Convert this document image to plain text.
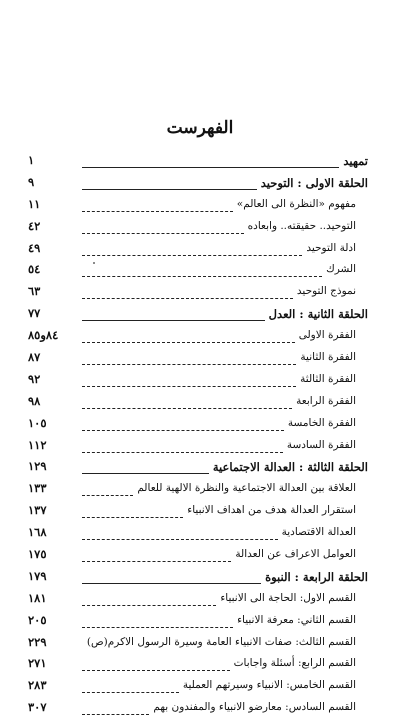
الفهرست
تمهيد
١
الحلقة الاولى : التوحيد
٩
مفهوم «النظرة الى العالم»
١١
التوحيد.. حقيقته.. وابعاده
٤٢
ادلة التوحيد
٤٩
الشرك
٥٤
نموذج التوحيد
٦٣
الحلقة الثانية : العدل
٧٧
الفقرة الاولى
٨٤و٨٥
الفقرة الثانية
٨٧
الفقرة الثالثة
٩٢
الفقرة الرابعة
٩٨
الفقرة الخامسة
١٠٥
الفقرة السادسة
١١٢
الحلقة الثالثة : العدالة الاجتماعية
١٢٩
العلاقة بين العدالة الاجتماعية والنظرة الالهية للعالم
١٣٣
استقرار العدالة هدف من اهداف الانبياء
١٣٧
العدالة الاقتصادية
١٦٨
العوامل الاعراف عن العدالة
١٧٥
الحلقة الرابعة : النبوة
١٧٩
القسم الاول: الحاجة الى الانبياء
١٨١
القسم الثاني: معرفة الانبياء
٢٠٥
القسم الثالث: صفات الانبياء العامة وسيرة الرسول الاكرم(ص)
٢٢٩
القسم الرابع: أسئلة واجابات
٢٧١
القسم الخامس: الانبياء وسيرتهم العملية
٢٨٣
القسم السادس: معارضو الانبياء والمفندون بهم
٣٠٧
